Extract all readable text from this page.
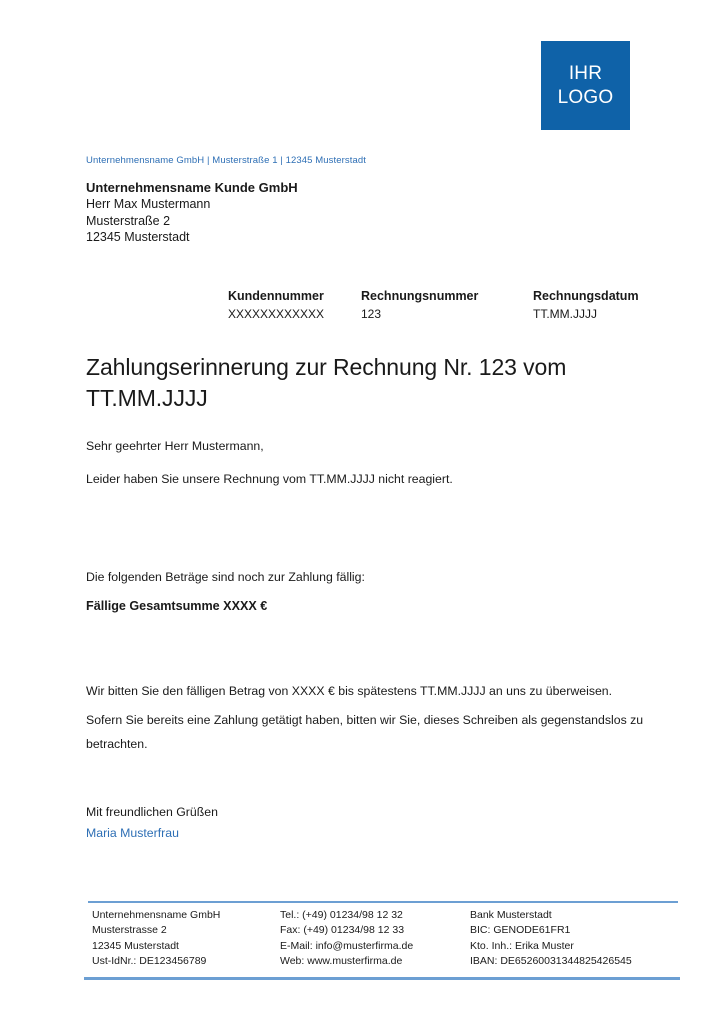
IHR
LOGO
Unternehmensname GmbH | Musterstraße 1 | 12345 Musterstadt
Unternehmensname Kunde GmbH
Herr Max Mustermann
Musterstraße 2
12345 Musterstadt
Kundennummer
XXXXXXXXXXXX
Rechnungsnummer
123
Rechnungsdatum
TT.MM.JJJJ
Zahlungserinnerung zur Rechnung Nr. 123 vom TT.MM.JJJJ
Sehr geehrter Herr Mustermann,
Leider haben Sie unsere Rechnung vom TT.MM.JJJJ nicht reagiert.
Die folgenden Beträge sind noch zur Zahlung fällig:
Fällige Gesamtsumme XXXX €
Wir bitten Sie den fälligen Betrag von XXXX € bis spätestens TT.MM.JJJJ an uns zu überweisen.
Sofern Sie bereits eine Zahlung getätigt haben, bitten wir Sie, dieses Schreiben als gegenstandslos zu betrachten.
Mit freundlichen Grüßen
Maria Musterfrau
Unternehmensname GmbH
Musterstrasse 2
12345 Musterstadt
Ust-IdNr.: DE123456789
Tel.: (+49) 01234/98 12 32
Fax: (+49) 01234/98 12 33
E-Mail: info@musterfirma.de
Web: www.musterfirma.de
Bank Musterstadt
BIC: GENODE61FR1
Kto. Inh.: Erika Muster
IBAN: DE65260031344825426545
